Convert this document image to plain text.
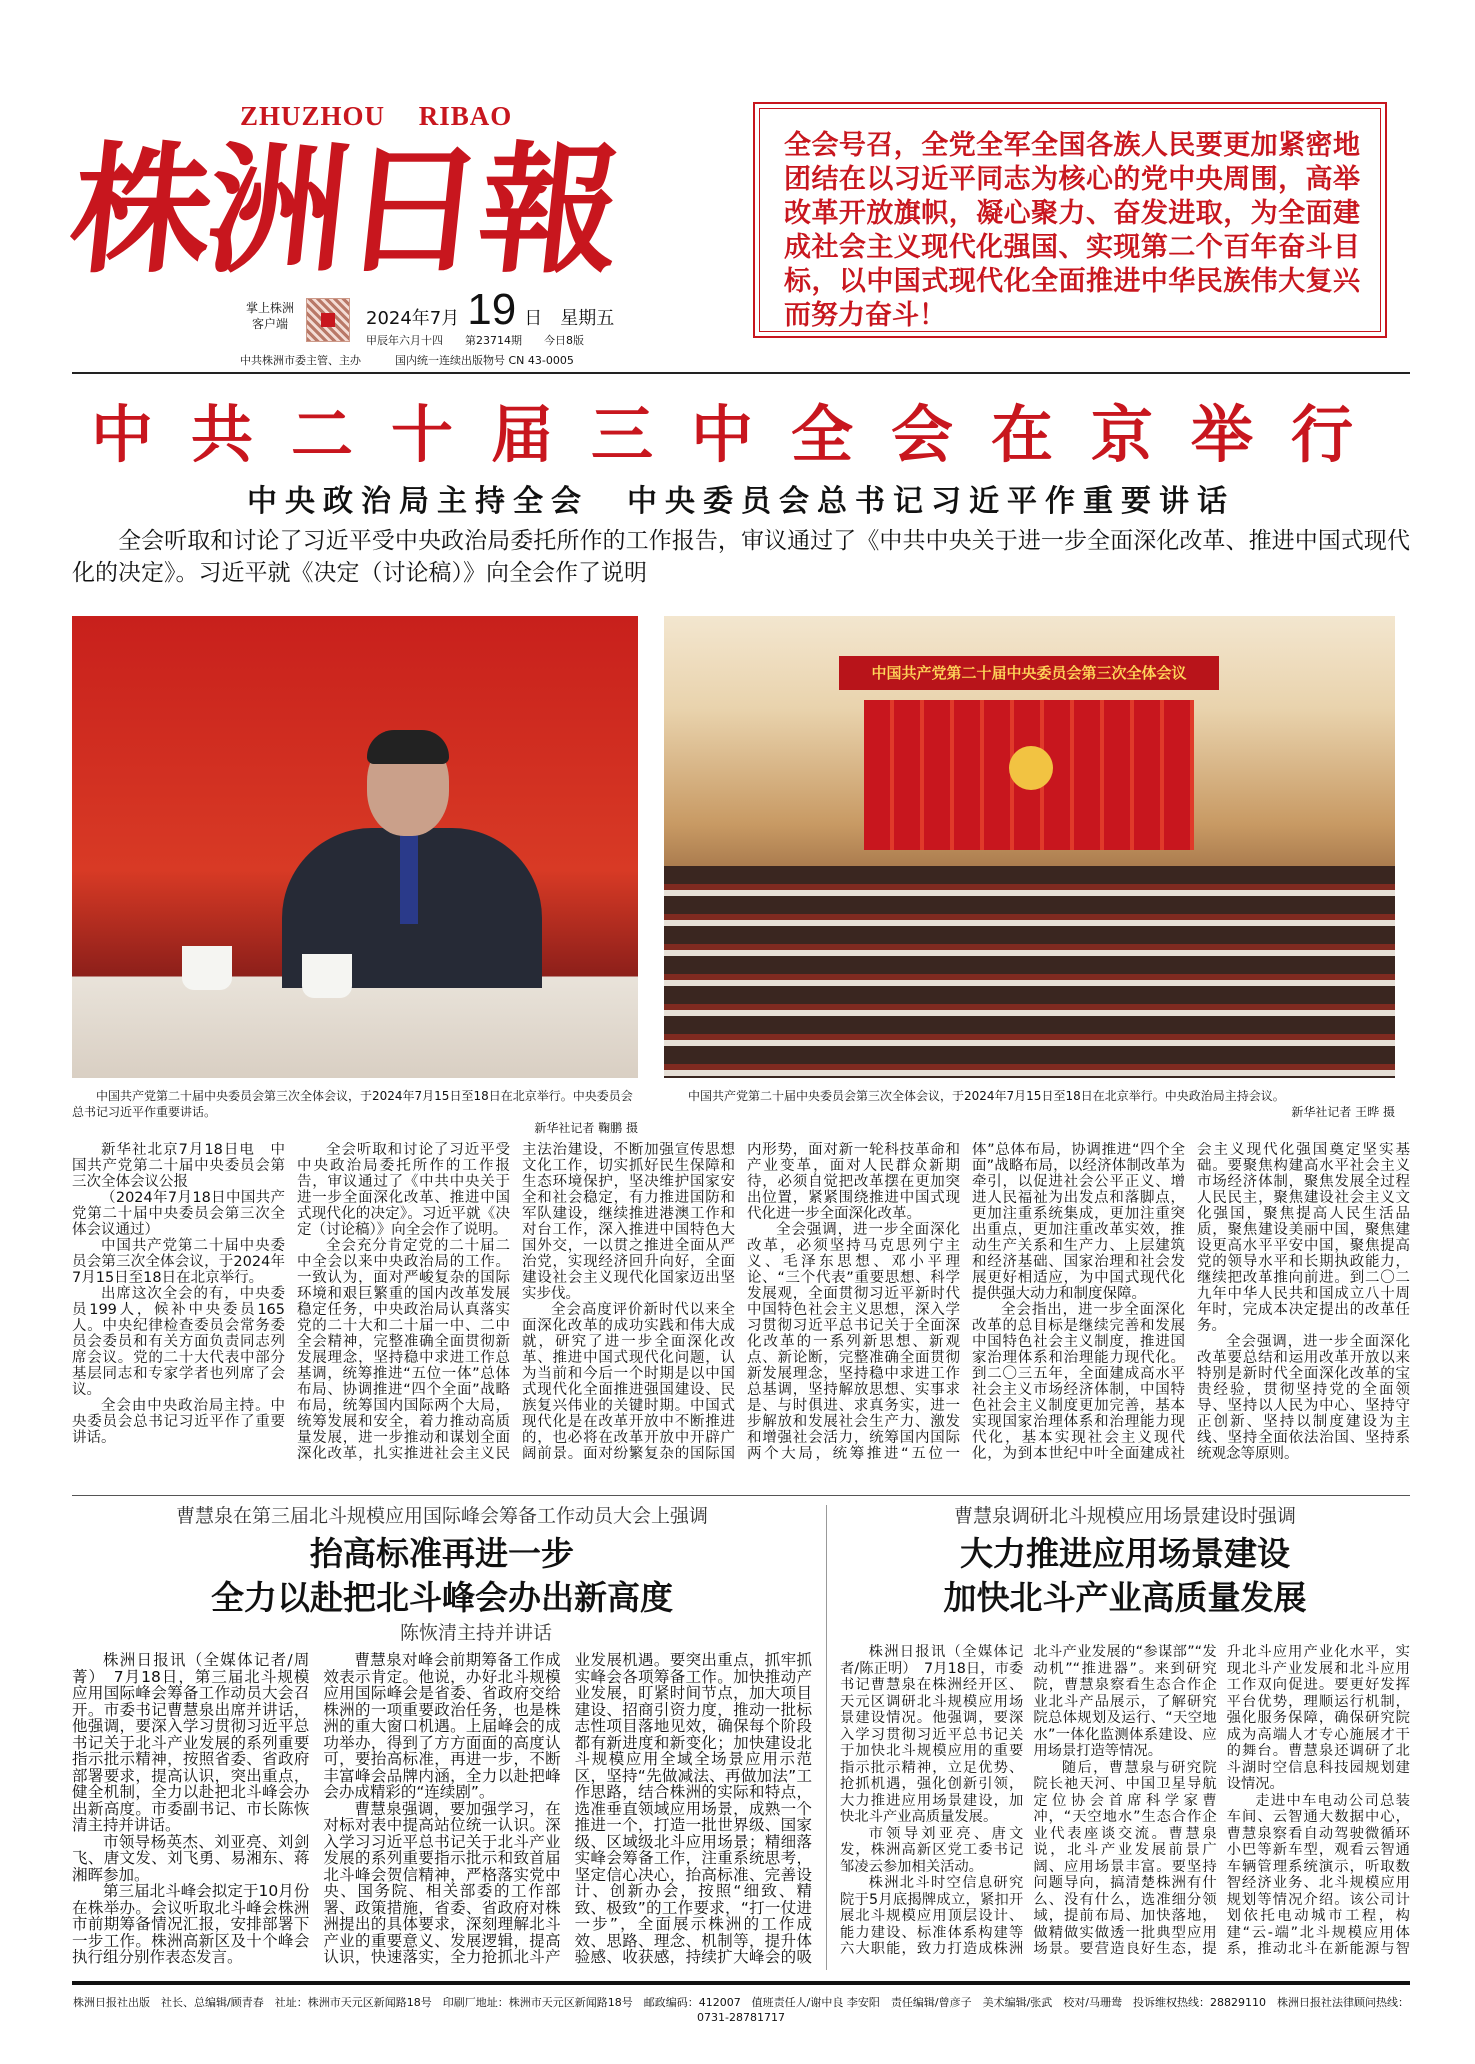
ZHUZHOU RIBAO
株洲日報
掌上株洲
客户端	2024年7月 19 日 星期五
甲辰年六月十四 第23714期 今日8版
中共株洲市委主管、主办	国内统一连续出版物号 CN 43-0005
全会号召，全党全军全国各族人民要更加紧密地团结在以习近平同志为核心的党中央周围，高举改革开放旗帜，凝心聚力、奋发进取，为全面建成社会主义现代化强国、实现第二个百年奋斗目标，以中国式现代化全面推进中华民族伟大复兴而努力奋斗！
中共二十届三中全会在京举行
中央政治局主持全会　中央委员会总书记习近平作重要讲话
全会听取和讨论了习近平受中央政治局委托所作的工作报告，审议通过了《中共中央关于进一步全面深化改革、推进中国式现代化的决定》。习近平就《决定（讨论稿）》向全会作了说明
中国共产党第二十届中央委员会第三次全体会议
中国共产党第二十届中央委员会第三次全体会议，于2024年7月15日至18日在北京举行。中央委员会总书记习近平作重要讲话。
新华社记者 鞠鹏 摄
中国共产党第二十届中央委员会第三次全体会议，于2024年7月15日至18日在北京举行。中央政治局主持会议。
新华社记者 王晔 摄

新华社北京7月18日电　中国共产党第二十届中央委员会第三次全体会议公报

（2024年7月18日中国共产党第二十届中央委员会第三次全体会议通过）

中国共产党第二十届中央委员会第三次全体会议，于2024年7月15日至18日在北京举行。

出席这次全会的有，中央委员199人，候补中央委员165人。中央纪律检查委员会常务委员会委员和有关方面负责同志列席会议。党的二十大代表中部分基层同志和专家学者也列席了会议。

全会由中央政治局主持。中央委员会总书记习近平作了重要讲话。

全会听取和讨论了习近平受中央政治局委托所作的工作报告，审议通过了《中共中央关于进一步全面深化改革、推进中国式现代化的决定》。习近平就《决定（讨论稿）》向全会作了说明。

全会充分肯定党的二十届二中全会以来中央政治局的工作。一致认为，面对严峻复杂的国际环境和艰巨繁重的国内改革发展稳定任务，中央政治局认真落实党的二十大和二十届一中、二中全会精神，完整准确全面贯彻新发展理念，坚持稳中求进工作总基调，统筹推进“五位一体”总体布局、协调推进“四个全面”战略布局，统筹国内国际两个大局，统筹发展和安全，着力推动高质量发展，进一步推动和谋划全面深化改革，扎实推进社会主义民主法治建设，不断加强宣传思想文化工作，切实抓好民生保障和生态环境保护，坚决维护国家安全和社会稳定，有力推进国防和军队建设，继续推进港澳工作和对台工作，深入推进中国特色大国外交，一以贯之推进全面从严治党，实现经济回升向好，全面建设社会主义现代化国家迈出坚实步伐。

全会高度评价新时代以来全面深化改革的成功实践和伟大成就，研究了进一步全面深化改革、推进中国式现代化问题，认为当前和今后一个时期是以中国式现代化全面推进强国建设、民族复兴伟业的关键时期。中国式现代化是在改革开放中不断推进的，也必将在改革开放中开辟广阔前景。面对纷繁复杂的国际国内形势，面对新一轮科技革命和产业变革，面对人民群众新期待，必须自觉把改革摆在更加突出位置，紧紧围绕推进中国式现代化进一步全面深化改革。

全会强调，进一步全面深化改革，必须坚持马克思列宁主义、毛泽东思想、邓小平理论、“三个代表”重要思想、科学发展观，全面贯彻习近平新时代中国特色社会主义思想，深入学习贯彻习近平总书记关于全面深化改革的一系列新思想、新观点、新论断，完整准确全面贯彻新发展理念，坚持稳中求进工作总基调，坚持解放思想、实事求是、与时俱进、求真务实，进一步解放和发展社会生产力、激发和增强社会活力，统筹国内国际两个大局，统筹推进“五位一体”总体布局，协调推进“四个全面”战略布局，以经济体制改革为牵引，以促进社会公平正义、增进人民福祉为出发点和落脚点，更加注重系统集成，更加注重突出重点，更加注重改革实效，推动生产关系和生产力、上层建筑和经济基础、国家治理和社会发展更好相适应，为中国式现代化提供强大动力和制度保障。

全会指出，进一步全面深化改革的总目标是继续完善和发展中国特色社会主义制度，推进国家治理体系和治理能力现代化。到二〇三五年，全面建成高水平社会主义市场经济体制，中国特色社会主义制度更加完善，基本实现国家治理体系和治理能力现代化，基本实现社会主义现代化，为到本世纪中叶全面建成社会主义现代化强国奠定坚实基础。要聚焦构建高水平社会主义市场经济体制，聚焦发展全过程人民民主，聚焦建设社会主义文化强国，聚焦提高人民生活品质，聚焦建设美丽中国，聚焦建设更高水平平安中国，聚焦提高党的领导水平和长期执政能力，继续把改革推向前进。到二〇二九年中华人民共和国成立八十周年时，完成本决定提出的改革任务。

全会强调，进一步全面深化改革要总结和运用改革开放以来特别是新时代全面深化改革的宝贵经验，贯彻坚持党的全面领导、坚持以人民为中心、坚持守正创新、坚持以制度建设为主线、坚持全面依法治国、坚持系统观念等原则。

曹慧泉在第三届北斗规模应用国际峰会筹备工作动员大会上强调
抬高标准再进一步
全力以赴把北斗峰会办出新高度
陈恢清主持并讲话

株洲日报讯（全媒体记者/周菁）　7月18日，第三届北斗规模应用国际峰会筹备工作动员大会召开。市委书记曹慧泉出席并讲话，他强调，要深入学习贯彻习近平总书记关于北斗产业发展的系列重要指示批示精神，按照省委、省政府部署要求，提高认识，突出重点，健全机制，全力以赴把北斗峰会办出新高度。市委副书记、市长陈恢清主持并讲话。

市领导杨英杰、刘亚亮、刘剑飞、唐文发、刘飞勇、易湘东、蒋湘晖参加。

第三届北斗峰会拟定于10月份在株举办。会议听取北斗峰会株洲市前期筹备情况汇报，安排部署下一步工作。株洲高新区及十个峰会执行组分别作表态发言。

曹慧泉对峰会前期筹备工作成效表示肯定。他说，办好北斗规模应用国际峰会是省委、省政府交给株洲的一项重要政治任务，也是株洲的重大窗口机遇。上届峰会的成功举办，得到了方方面面的高度认可，要抬高标准，再进一步，不断丰富峰会品牌内涵，全力以赴把峰会办成精彩的“连续剧”。

曹慧泉强调，要加强学习，在对标对表中提高站位统一认识。深入学习习近平总书记关于北斗产业发展的系列重要指示批示和致首届北斗峰会贺信精神，严格落实党中央、国务院、相关部委的工作部署、政策措施，省委、省政府对株洲提出的具体要求，深刻理解北斗产业的重要意义、发展逻辑，提高认识，快速落实，全力抢抓北斗产业发展机遇。要突出重点，抓牢抓实峰会各项筹备工作。加快推动产业发展，盯紧时间节点，加大项目建设、招商引资力度，推动一批标志性项目落地见效，确保每个阶段都有新进度和新变化；加快建设北斗规模应用全域全场景应用示范区，坚持“先做减法、再做加法”工作思路，结合株洲的实际和特点，选准垂直领域应用场景，成熟一个推进一个，打造一批世界级、国家级、区域级北斗应用场景；精细落实峰会筹备工作，注重系统思考，坚定信心决心，抬高标准、完善设计、创新办会，按照“细致、精致、极致”的工作要求，“打一仗进一步”，全面展示株洲的工作成效、思路、理念、机制等，提升体验感、收获感，持续扩大峰会的吸

曹慧泉调研北斗规模应用场景建设时强调
大力推进应用场景建设
加快北斗产业高质量发展

株洲日报讯（全媒体记者/陈正明）　7月18日，市委书记曹慧泉在株洲经开区、天元区调研北斗规模应用场景建设情况。他强调，要深入学习贯彻习近平总书记关于加快北斗规模应用的重要指示批示精神，立足优势、抢抓机遇，强化创新引领，大力推进应用场景建设，加快北斗产业高质量发展。

市领导刘亚亮、唐文发，株洲高新区党工委书记邹凌云参加相关活动。

株洲北斗时空信息研究院于5月底揭牌成立，紧扣开展北斗规模应用顶层设计、能力建设、标准体系构建等六大职能，致力打造成株洲北斗产业发展的“参谋部”“发动机”“推进器”。来到研究院，曹慧泉察看生态合作企业北斗产品展示，了解研究院总体规划及运行、“天空地水”一体化监测体系建设、应用场景打造等情况。

随后，曹慧泉与研究院院长祂天河、中国卫星导航定位协会首席科学家曹冲，“天空地水”生态合作企业代表座谈交流。曹慧泉说，北斗产业发展前景广阔、应用场景丰富。要坚持问题导向，搞清楚株洲有什么、没有什么，选准细分领域，提前布局、加快落地，做精做实做透一批典型应用场景。要营造良好生态，提升北斗应用产业化水平，实现北斗产业发展和北斗应用工作双向促进。要更好发挥平台优势，理顺运行机制，强化服务保障，确保研究院成为高端人才专心施展才干的舞台。曹慧泉还调研了北斗湖时空信息科技园规划建设情况。

走进中车电动公司总装车间、云智通大数据中心，曹慧泉察看自动驾驶微循环小巴等新车型，观看云智通车辆管理系统演示，听取数智经济业务、北斗规模应用规划等情况介绍。该公司计划依托电动城市工程，构建“云-端”北斗规模应用体系，推动北斗在新能源与智

株洲日报社出版　社长、总编辑/顾青春　社址：株洲市天元区新闻路18号　印刷厂地址：株洲市天元区新闻路18号　邮政编码：412007　值班责任人/谢中良 李安阳　责任编辑/曾彦子　美术编辑/张武　校对/马珊鸯　投诉维权热线：28829110　株洲日报社法律顾问热线：0731-28781717
